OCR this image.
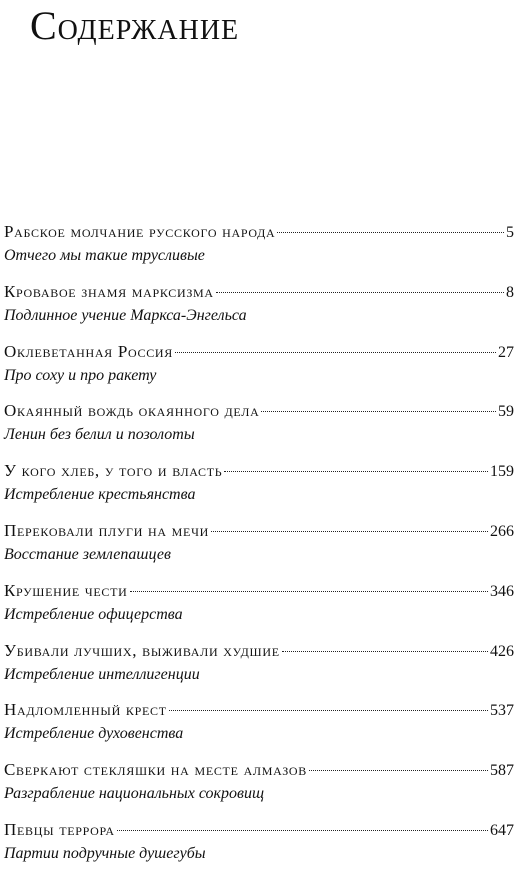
Содержание
Рабское молчание русского народа	5
Отчего мы такие трусливые
Кровавое знамя марксизма	8
Подлинное учение Маркса-Энгельса
Оклеветанная Россия	27
Про соху и про ракету
Окаянный вождь окаянного дела	59
Ленин без белил и позолоты
У кого хлеб, у того и власть	159
Истребление крестьянства
Перековали плуги на мечи	266
Восстание землепашцев
Крушение чести	346
Истребление офицерства
Убивали лучших, выживали худшие	426
Истребление интеллигенции
Надломленный крест	537
Истребление духовенства
Сверкают стекляшки на месте алмазов	587
Разграбление национальных сокровищ
Певцы террора	647
Партии подручные душегубы
